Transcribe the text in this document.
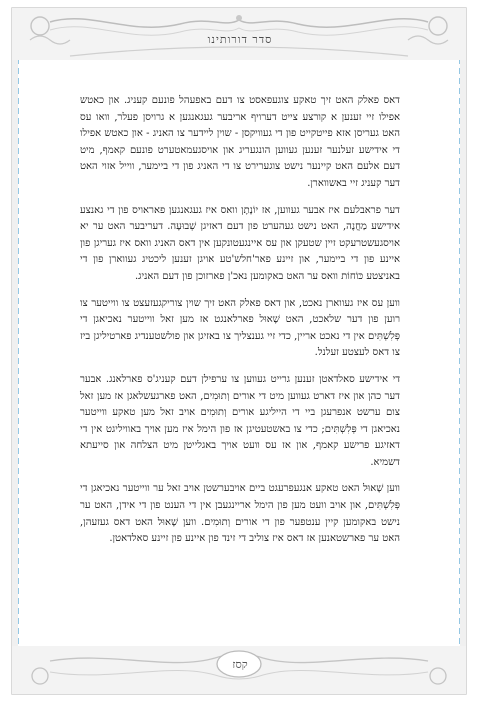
סדר דורותינו

דאס פאלק האט זיך טאקע צוגעפאסט צו דעם באפעהל פונעם קעניג. און כאטש אפילו זיי זענען א קורצע צייט דערויף אריבער געגאנגען א גרויסן פעלר, וואו עס האט געריסן אזא פייטקייט פון די געוויקסן - שוין ליידער צו האניג - און כאטש אפילו די אידישע זעלנער זענען געווען הונגעריג און אויסגעמאטערט פונעם קאמף, מיט דעם אלעם האט קיינער נישט צוגערירט צו די האניג פון די ביימער, ווייל אזוי האט דער קעניג זיי באשווארן.

דער פראבלעם איז אבער געווען, אז יוֹנָתָן וואס איז געגאנגען פאראויס פון די גאנצע אידישע מַחֲנֶה, האט נישט געהערט פון דעם דאזיגן שְׁבוּעָה. דעריבער האט ער יא אויסגעשטרעקט זיין שטעקן און עס איינגעטונקען אין דאס האניג וואס איז געריגן פון איינע פון די ביימער, און זיינע פאר'חלש'טע אויגן זענען ליכטיג געווארן פון די באניצטע כּוֹחוֹת וואס ער האט באקומען נאכ'ן פארזוכן פון דעם האניג.

ווען עס איז געווארן נאכט, און דאס פאלק האט זיך שוין צוריקגעזעצט צו ווייטער צו רוען פון דער שלאכט, האט שָׁאוּל פארלאנגט אז מען זאל ווייטער נאכיאגן די פְּלִשְׁתִּים אין די נאכט אריין, כדי זיי גענצליך צו באזיגן און פולשטענדיג פארטיליגן ביז צו דאס לעצטע זעלנל.

די אידישע סאלדאטן זענען גרייט געווען צו ערפילן דעם קעניג'ס פארלאנג. אבער דער כהן און איז דארט געווען מיט די אורים וְתוּמִים, האט פארגעשלאגן אז מען זאל צום ערשט אנפרעגן ביי די הייליגע אורים וְתוּמִים אויב זאל מען טאקע ווייטער נאכיאגן די פְּלִשְׁתִּים; כדי צו באשטעטיגן אז פון הימל איז מען אויך באוויליגט אין די דאזיגע פרישע קאמף, און אז עס וועט אויך באגלייטן מיט הצלחה און סייעתא דשמיא.

ווען שָׁאוּל האט טאקע אנגעפרעגט ביים אויבערשטן אויב זאל ער ווייטער נאכיאגן די פְּלִשְׁתִּים, און אויב וועט מען פון הימל אריינגעבן אין די הענט פון די אידן, האט ער נישט באקומען קיין ענטפער פון די אורים וְתוּמִים. ווען שָׁאוּל האט דאס געזעהן, האט ער פארשטאנען אז דאס איז צוליב די זינד פון איינע פון זיינע סאלדאטן.

קסז
